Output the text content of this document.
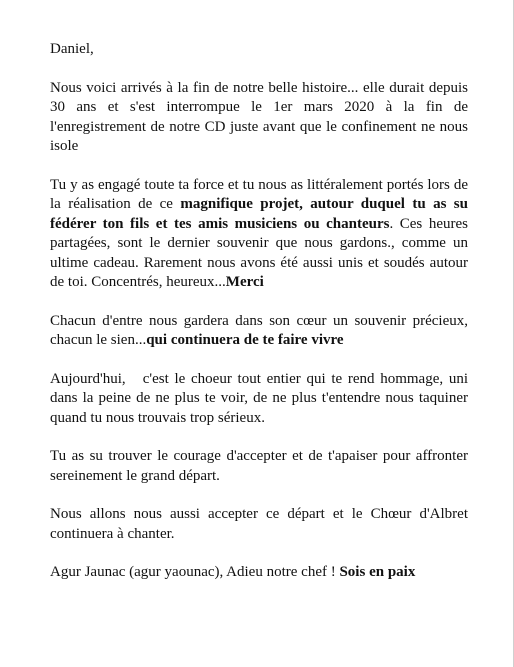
Daniel,

Nous voici arrivés à la fin de notre belle histoire... elle durait depuis 30 ans et s'est interrompue le 1er mars 2020 à la fin de l'enregistrement de notre CD juste avant que le confinement ne nous isole

Tu y as engagé toute ta force et tu nous as littéralement portés lors de la réalisation de ce magnifique projet, autour duquel tu as su fédérer ton fils et tes amis musiciens ou chanteurs. Ces heures partagées, sont le dernier souvenir que nous gardons., comme un ultime cadeau. Rarement nous avons été aussi unis et soudés autour de toi. Concentrés, heureux...Merci

Chacun d'entre nous gardera dans son cœur un souvenir précieux, chacun le sien...qui continuera de te faire vivre

Aujourd'hui,   c'est le choeur tout entier qui te rend hommage, uni dans la peine de ne plus te voir, de ne plus t'entendre nous taquiner quand tu nous trouvais trop sérieux.

Tu as su trouver le courage d'accepter et de t'apaiser pour affronter sereinement le grand départ.

Nous allons nous aussi accepter ce départ et le Chœur d'Albret continuera à chanter.

Agur Jaunac (agur yaounac), Adieu notre chef ! Sois en paix
